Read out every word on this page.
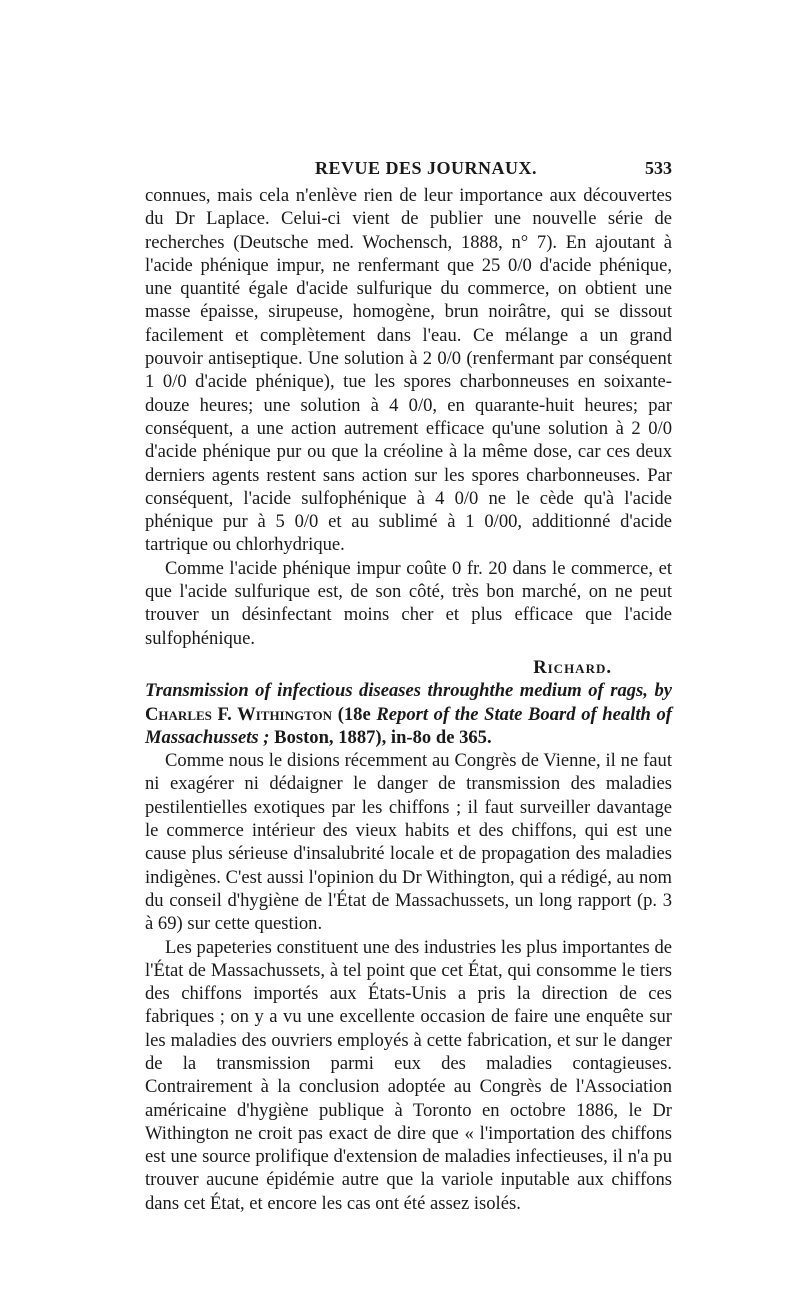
REVUE DES JOURNAUX.	533

connues, mais cela n'enlève rien de leur importance aux découvertes du Dr Laplace. Celui-ci vient de publier une nouvelle série de recherches (Deutsche med. Wochensch, 1888, n° 7). En ajoutant à l'acide phénique impur, ne renfermant que 25 0/0 d'acide phénique, une quantité égale d'acide sulfurique du commerce, on obtient une masse épaisse, sirupeuse, homogène, brun noirâtre, qui se dissout facilement et complètement dans l'eau. Ce mélange a un grand pouvoir antiseptique. Une solution à 2 0/0 (renfermant par conséquent 1 0/0 d'acide phénique), tue les spores charbonneuses en soixante-douze heures; une solution à 4 0/0, en quarante-huit heures; par conséquent, a une action autrement efficace qu'une solution à 2 0/0 d'acide phénique pur ou que la créoline à la même dose, car ces deux derniers agents restent sans action sur les spores charbonneuses. Par conséquent, l'acide sulfophénique à 4 0/0 ne le cède qu'à l'acide phénique pur à 5 0/0 et au sublimé à 1 0/00, additionné d'acide tartrique ou chlorhydrique.

Comme l'acide phénique impur coûte 0 fr. 20 dans le commerce, et que l'acide sulfurique est, de son côté, très bon marché, on ne peut trouver un désinfectant moins cher et plus efficace que l'acide sulfophénique.

Richard.

Transmission of infectious diseases throughthe medium of rags, by Charles F. Withington (18e Report of the State Board of health of Massachussets ; Boston, 1887), in-8o de 365.

Comme nous le disions récemment au Congrès de Vienne, il ne faut ni exagérer ni dédaigner le danger de transmission des maladies pestilentielles exotiques par les chiffons ; il faut surveiller davantage le commerce intérieur des vieux habits et des chiffons, qui est une cause plus sérieuse d'insalubrité locale et de propagation des maladies indigènes. C'est aussi l'opinion du Dr Withington, qui a rédigé, au nom du conseil d'hygiène de l'État de Massachussets, un long rapport (p. 3 à 69) sur cette question.

Les papeteries constituent une des industries les plus importantes de l'État de Massachussets, à tel point que cet État, qui consomme le tiers des chiffons importés aux États-Unis a pris la direction de ces fabriques ; on y a vu une excellente occasion de faire une enquête sur les maladies des ouvriers employés à cette fabrication, et sur le danger de la transmission parmi eux des maladies contagieuses. Contrairement à la conclusion adoptée au Congrès de l'Association américaine d'hygiène publique à Toronto en octobre 1886, le Dr Withington ne croit pas exact de dire que « l'importation des chiffons est une source prolifique d'extension de maladies infectieuses, il n'a pu trouver aucune épidémie autre que la variole inputable aux chiffons dans cet État, et encore les cas ont été assez isolés.
